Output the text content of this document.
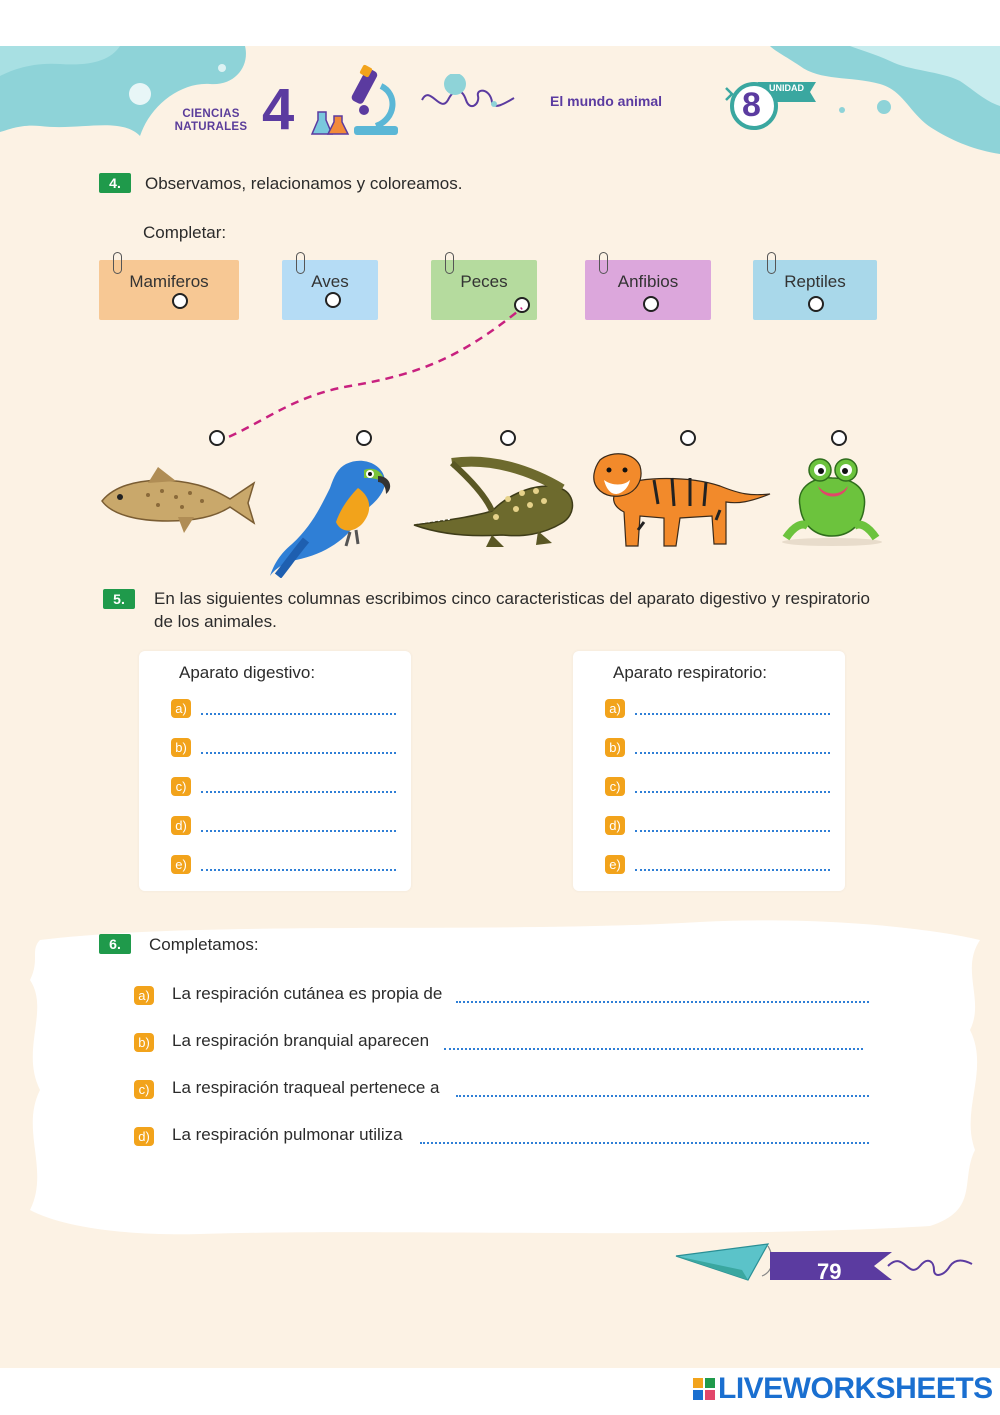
CIENCIAS
NATURALES 4	El mundo animal
UNIDAD
8
4.	Observamos, relacionamos y coloreamos.
Completar:
Mamiferos	Aves	Peces	Anfibios	Reptiles
5.	En las siguientes columnas escribimos cinco caracteristicas del aparato digestivo y respiratorio de los animales.
Aparato digestivo:
a)
b)
c)
d)
e)
Aparato respiratorio:
a)
b)
c)
d)
e)
6.	Completamos:
a) La respiración cutánea es propia de
b) La respiración branquial aparecen
c) La respiración traqueal pertenece a
d) La respiración pulmonar utiliza
79
LIVEWORKSHEETS
